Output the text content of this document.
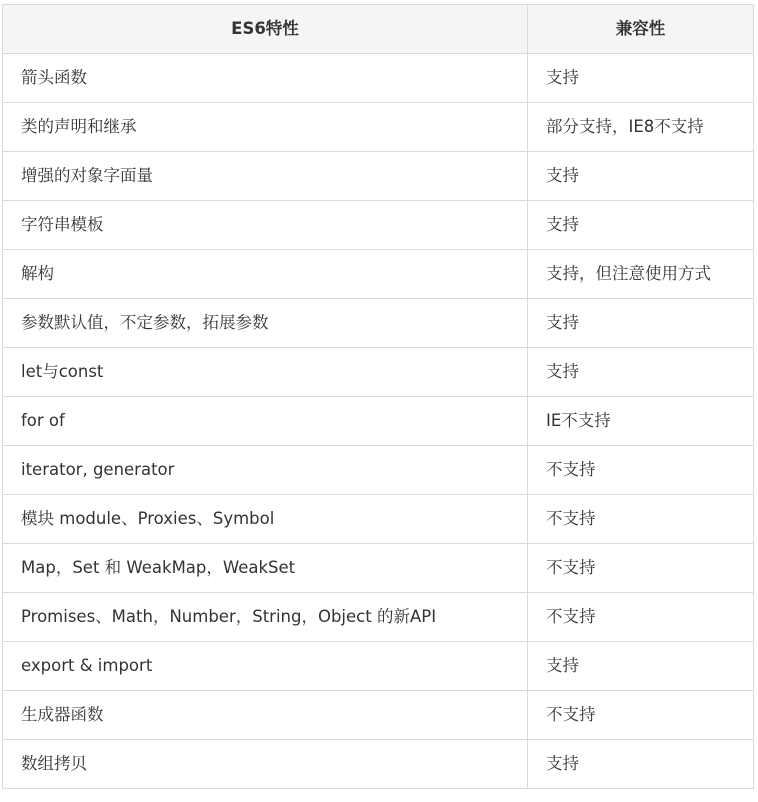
ES6特性	兼容性
箭头函数	支持
类的声明和继承	部分支持，IE8不支持
增强的对象字面量	支持
字符串模板	支持
解构	支持，但注意使用方式
参数默认值，不定参数，拓展参数	支持
let与const	支持
for of	IE不支持
iterator, generator	不支持
模块 module、Proxies、Symbol	不支持
Map，Set 和 WeakMap，WeakSet	不支持
Promises、Math，Number，String，Object 的新API	不支持
export & import	支持
生成器函数	不支持
数组拷贝	支持
